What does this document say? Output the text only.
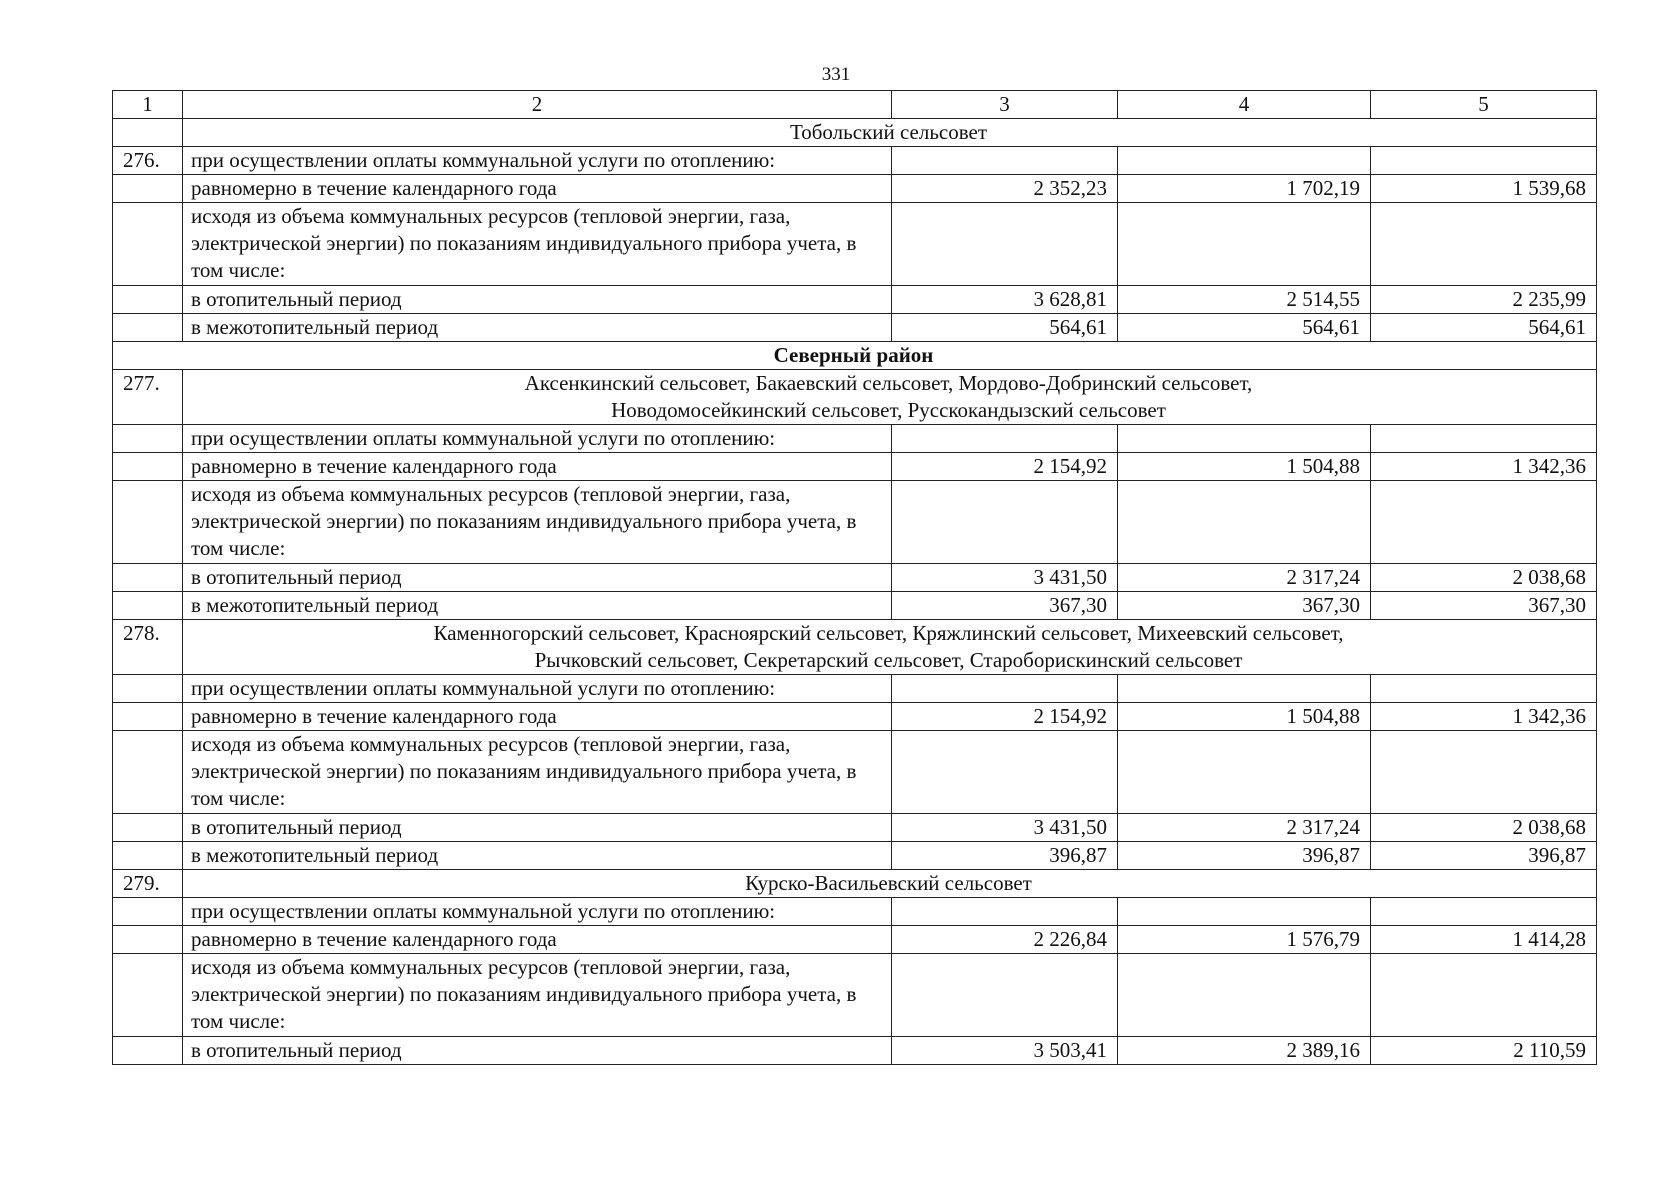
331
1	2	3	4	5
	Тобольский сельсовет			
276.	при осуществлении оплаты коммунальной услуги по отоплению:			
	равномерно в течение календарного года	2 352,23	1 702,19	1 539,68
	исходя из объема коммунальных ресурсов (тепловой энергии, газа, электрической энергии) по показаниям индивидуального прибора учета, в том числе:			
	в отопительный период	3 628,81	2 514,55	2 235,99
	в межотопительный период	564,61	564,61	564,61
Северный район				
277.	Аксенкинский сельсовет, Бакаевский сельсовет, Мордово-Добринский сельсовет,
Новодомосейкинский сельсовет, Русскокандызский сельсовет			

	при осуществлении оплаты коммунальной услуги по отоплению:			
	равномерно в течение календарного года	2 154,92	1 504,88	1 342,36
	исходя из объема коммунальных ресурсов (тепловой энергии, газа, электрической энергии) по показаниям индивидуального прибора учета, в том числе:			
	в отопительный период	3 431,50	2 317,24	2 038,68
	в межотопительный период	367,30	367,30	367,30
278.	Каменногорский сельсовет, Красноярский сельсовет, Кряжлинский сельсовет, Михеевский сельсовет,
Рычковский сельсовет, Секретарский сельсовет, Староборискинский сельсовет			

	при осуществлении оплаты коммунальной услуги по отоплению:			
	равномерно в течение календарного года	2 154,92	1 504,88	1 342,36
	исходя из объема коммунальных ресурсов (тепловой энергии, газа, электрической энергии) по показаниям индивидуального прибора учета, в том числе:			
	в отопительный период	3 431,50	2 317,24	2 038,68
	в межотопительный период	396,87	396,87	396,87
279.	Курско-Васильевский сельсовет			
	при осуществлении оплаты коммунальной услуги по отоплению:			
	равномерно в течение календарного года	2 226,84	1 576,79	1 414,28
	исходя из объема коммунальных ресурсов (тепловой энергии, газа, электрической энергии) по показаниям индивидуального прибора учета, в том числе:			
	в отопительный период	3 503,41	2 389,16	2 110,59
